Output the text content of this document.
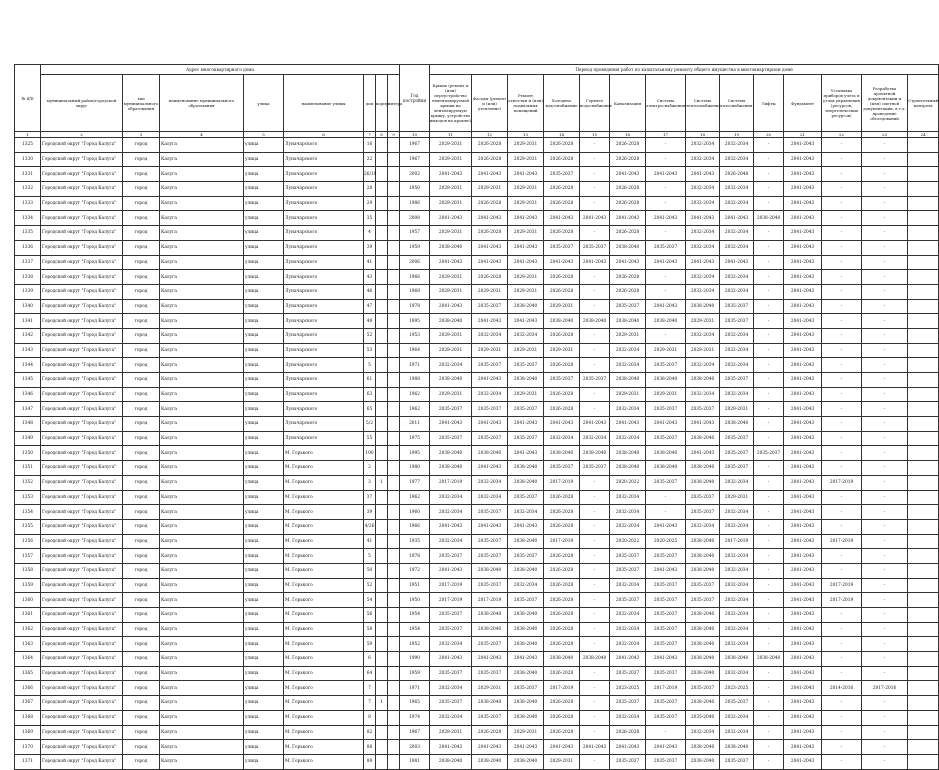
№ п/п	Адрес многоквартирного дома								Год постройки	Период проведения работ по капитальному ремонту общего имущества в многоквартирном доме													
	муниципальный район/городской округ	тип муниципального образования	наименование муниципального образования	улица	наименование улицы	дом	корпус	литера		Крыша (ремонт и (или) переустройство невентилируемой крыши на вентилируемую крышу, устройство выходов на кровлю)	Фасады (ремонт и (или) утепление)	Ремонт отмостки и (или) подвальных помещений	Холодное водоснабжение	Горячее водоснабжение	Канализация	Система электроснабжения	Система теплоснабжения	Система газоснабжения	Лифты	Фундамент	Установка приборов учета и узлов управления (ресурсов, энергетических ресурсов)	Разработка проектной документации и (или) сметной документации, в т.ч. проведение обследований	Строительный контроль
1	2	3	4	5	6	7	8	9	10	11	12	13	14	15	16	17	18	19	20	21	22	23	24
1325	Городской округ "Город Калуга"	город	Калуга	улица	Луначарского	16			1967	2029-2031	2026-2028	2029-2031	2026-2028	-	2026-2028	-	2032-2034	2032-2034	-	2041-2043	-	-	
1330	Городской округ "Город Калуга"	город	Калуга	улица	Луначарского	22			1967	2029-2031	2026-2028	2029-2031	2026-2028	-	2026-2028	-	2032-2034	2032-2034	-	2041-2043	-	-	
1331	Городской округ "Город Калуга"	город	Калуга	улица	Луначарского	26/18			2002	2041-2043	2041-2043	2041-2043	2035-2037	-	2041-2043	2041-2043	2041-2043	2026-2048	-	2041-2043	-	-	
1332	Городской округ "Город Калуга"	город	Калуга	улица	Луначарского	28			1950	2029-2031	2029-2031	2029-2031	2026-2028	-	2026-2028	-	2032-2034	2032-2034	-	2041-2043	-	-	
1333	Городской округ "Город Калуга"	город	Калуга	улица	Луначарского	29			1986	2029-2031	2026-2028	2029-2031	2026-2028	-	2026-2028	-	2032-2034	2032-2034	-	2041-2043	-	-	
1334	Городской округ "Город Калуга"	город	Калуга	улица	Луначарского	35			2008	2041-2043	2041-2043	2041-2043	2041-2043	2041-2043	2041-2043	2041-2043	2041-2043	2041-2043	2038-2040	2041-2043	-	-	
1335	Городской округ "Город Калуга"	город	Калуга	улица	Луначарского	4			1957	2029-2031	2026-2028	2029-2031	2026-2028	-	2026-2028	-	2032-2034	2032-2034	-	2041-2043	-	-	
1336	Городской округ "Город Калуга"	город	Калуга	улица	Луначарского	39			1959	2038-2040	2041-2043	2041-2043	2035-2037	2035-2037	2038-2040	2035-2037	2032-2034	2032-2034	-	2041-2043	-	-	
1337	Городской округ "Город Калуга"	город	Калуга	улица	Луначарского	41			2006	2041-2043	2041-2043	2041-2043	2041-2043	2041-2043	2041-2043	2041-2043	2041-2043	2041-2043	-	2041-2043	-	-	
1338	Городской округ "Город Калуга"	город	Калуга	улица	Луначарского	43			1966	2029-2031	2026-2028	2029-2031	2026-2028	-	2026-2028	-	2032-2034	2032-2034	-	2041-2043	-	-	
1339	Городской округ "Город Калуга"	город	Калуга	улица	Луначарского	46			1968	2029-2031	2029-2031	2029-2031	2026-2028	-	2026-2028	-	2032-2034	2032-2034	-	2041-2043	-	-	
1340	Городской округ "Город Калуга"	город	Калуга	улица	Луначарского	47			1978	2041-2043	2035-2037	2038-2040	2029-2031	-	2035-2037	2041-2043	2038-2040	2035-2037	-	2041-2043	-	-	
1341	Городской округ "Город Калуга"	город	Калуга	улица	Луначарского	49			1995	2038-2040	2041-2043	2041-2043	2038-2040	2038-2040	2038-2040	2038-2040	2029-2031	2035-2037	-	2041-2043	-	-	
1342	Городской округ "Город Калуга"	город	Калуга	улица	Луначарского	52			1953	2029-2031	2032-2034	2032-2034	2026-2028	-	2029-2031	-	2032-2034	2032-2034	-	2041-2043	-	-	
1343	Городской округ "Город Калуга"	город	Калуга	улица	Луначарского	53			1964	2029-2031	2029-2031	2029-2031	2029-2031	-	2032-2034	2029-2031	2029-2031	2032-2034	-	2041-2043	-	-	
1344	Городской округ "Город Калуга"	город	Калуга	улица	Луначарского	5			1971	2032-2034	2035-2037	2035-2037	2026-2028	-	2032-2034	2035-2037	2032-2034	2032-2034	-	2041-2043	-	-	
1345	Городской округ "Город Калуга"	город	Калуга	улица	Луначарского	61			1988	2038-2040	2041-2043	2038-2040	2035-2037	2035-2037	2038-2040	2038-2040	2038-2040	2035-2037	-	2041-2043	-	-	
1346	Городской округ "Город Калуга"	город	Калуга	улица	Луначарского	63			1962	2029-2031	2032-2034	2029-2031	2026-2028	-	2029-2031	2029-2031	2032-2034	2032-2034	-	2041-2043	-	-	
1347	Городской округ "Город Калуга"	город	Калуга	улица	Луначарского	65			1962	2035-2037	2035-2037	2035-2037	2026-2028	-	2032-2034	2035-2037	2035-2037	2029-2031	-	2041-2043	-	-	
1348	Городской округ "Город Калуга"	город	Калуга	улица	Луначарского	5/2			2011	2041-2043	2041-2043	2041-2043	2041-2043	2041-2043	2041-2043	2041-2043	2041-2043	2038-2040	-	2041-2043	-	-	
1349	Городской округ "Город Калуга"	город	Калуга	улица	Луначарского	55			1975	2035-2037	2035-2037	2035-2037	2032-2034	2032-2034	2032-2034	2035-2037	2038-2040	2035-2037	-	2041-2043	-	-	
1350	Городской округ "Город Калуга"	город	Калуга	улица	М. Горького	100			1995	2038-2040	2038-2040	2041-2043	2038-2040	2038-2040	2038-2040	2038-2040	2041-2043	2035-2037	2035-2037	2041-2043	-	-	
1351	Городской округ "Город Калуга"	город	Калуга	улица	М. Горького	2			1980	2038-2040	2041-2043	2038-2040	2035-2037	2035-2037	2038-2040	2038-2040	2038-2040	2035-2037	-	2041-2043	-	-	
1352	Городской округ "Город Калуга"	город	Калуга	улица	М. Горького	3	1		1977	2017-2019	2032-2034	2038-2040	2017-2019	-	2020-2022	2035-2037	2038-2040	2032-2034	-	2041-2043	2017-2019	-	
1353	Городской округ "Город Калуга"	город	Калуга	улица	М. Горького	37			1962	2032-2034	2032-2034	2035-2037	2026-2028	-	2032-2034	-	2035-2037	2029-2031	-	2041-2043	-	-	
1354	Городской округ "Город Калуга"	город	Калуга	улица	М. Горького	39			1960	2032-2034	2035-2037	2032-2034	2026-2028	-	2032-2034	-	2035-2037	2032-2034	-	2041-2043	-	-	
1355	Городской округ "Город Калуга"	город	Калуга	улица	М. Горького	4/26			1966	2041-2043	2041-2043	2041-2043	2026-2028	-	2032-2034	2041-2043	2032-2034	2032-2034	-	2041-2043	-	-	
1356	Городской округ "Город Калуга"	город	Калуга	улица	М. Горького	41			1935	2032-2034	2035-2037	2038-2040	2017-2019	-	2020-2022	2020-2025	2038-2040	2017-2019	-	2041-2043	2017-2019	-	
1357	Городской округ "Город Калуга"	город	Калуга	улица	М. Горького	5			1978	2035-2037	2035-2037	2035-2037	2026-2028	-	2035-2037	2035-2037	2038-2040	2032-2034	-	2041-2043	-	-	
1358	Городской округ "Город Калуга"	город	Калуга	улица	М. Горького	50			1972	2041-2043	2038-2040	2038-2040	2026-2028	-	2035-2037	2041-2043	2038-2040	2032-2034	-	2041-2043	-	-	
1359	Городской округ "Город Калуга"	город	Калуга	улица	М. Горького	52			1951	2017-2019	2035-2037	2032-2034	2026-2028	-	2032-2034	2035-2037	2035-2037	2032-2034	-	2041-2043	2017-2019	-	
1360	Городской округ "Город Калуга"	город	Калуга	улица	М. Горького	54			1950	2017-2019	2017-2019	2035-2037	2026-2028	-	2035-2037	2035-2037	2035-2037	2032-2034	-	2041-2043	2017-2019	-	
1361	Городской округ "Город Калуга"	город	Калуга	улица	М. Горького	56			1954	2035-2037	2038-2040	2038-2040	2026-2028	-	2032-2034	2035-2037	2038-2040	2032-2034	-	2041-2043	-	-	
1362	Городской округ "Город Калуга"	город	Калуга	улица	М. Горького	58			1954	2035-2037	2038-2040	2038-2040	2026-2028	-	2032-2034	2035-2037	2038-2040	2032-2034	-	2041-2043	-	-	
1363	Городской округ "Город Калуга"	город	Калуга	улица	М. Горького	59			1952	2032-2034	2035-2037	2038-2040	2026-2028	-	2032-2034	2035-2037	2038-2040	2032-2034	-	2041-2043	-	-	
1364	Городской округ "Город Калуга"	город	Калуга	улица	М. Горького	6			1990	2041-2043	2041-2043	2041-2043	2038-2040	2038-2040	2041-2043	2041-2043	2038-2040	2038-2040	2038-2040	2041-2043	-	-	
1365	Городской округ "Город Калуга"	город	Калуга	улица	М. Горького	64			1959	2035-2037	2035-2037	2038-2040	2026-2028	-	2035-2037	2035-2037	2038-2040	2032-2034	-	2041-2043	-	-	
1366	Городской округ "Город Калуга"	город	Калуга	улица	М. Горького	7			1971	2032-2034	2029-2031	2035-2037	2017-2019	-	2023-2025	2017-2019	2035-2037	2023-2025	-	2041-2043	2014-2016	2017-2016	
1367	Городской округ "Город Калуга"	город	Калуга	улица	М. Горького	7	1		1965	2035-2037	2038-2040	2038-2040	2026-2028	-	2035-2037	2035-2037	2038-2040	2035-2037	-	2041-2043	-	-	
1368	Городской округ "Город Калуга"	город	Калуга	улица	М. Горького	8			1974	2032-2034	2035-2037	2038-2040	2026-2028	-	2032-2034	2035-2037	2035-2040	2032-2034	-	2041-2043	-	-	
1369	Городской округ "Город Калуга"	город	Калуга	улица	М. Горького	82			1967	2029-2031	2026-2028	2029-2031	2026-2028	-	2026-2028	-	2032-2034	2032-2034	-	2041-2043	-	-	
1370	Городской округ "Город Калуга"	город	Калуга	улица	М. Горького	88			2003	2041-2043	2041-2043	2041-2043	2041-2043	2041-2043	2041-2043	2041-2043	2038-2040	2038-2040	-	2041-2043	-	-	
1371	Городской округ "Город Калуга"	город	Калуга	улица	М. Горького	89			1981	2038-2040	2038-2040	2038-2040	2029-2031	-	2035-2037	2035-2037	2038-2040	2035-2037	-	2041-2043	-	-	
